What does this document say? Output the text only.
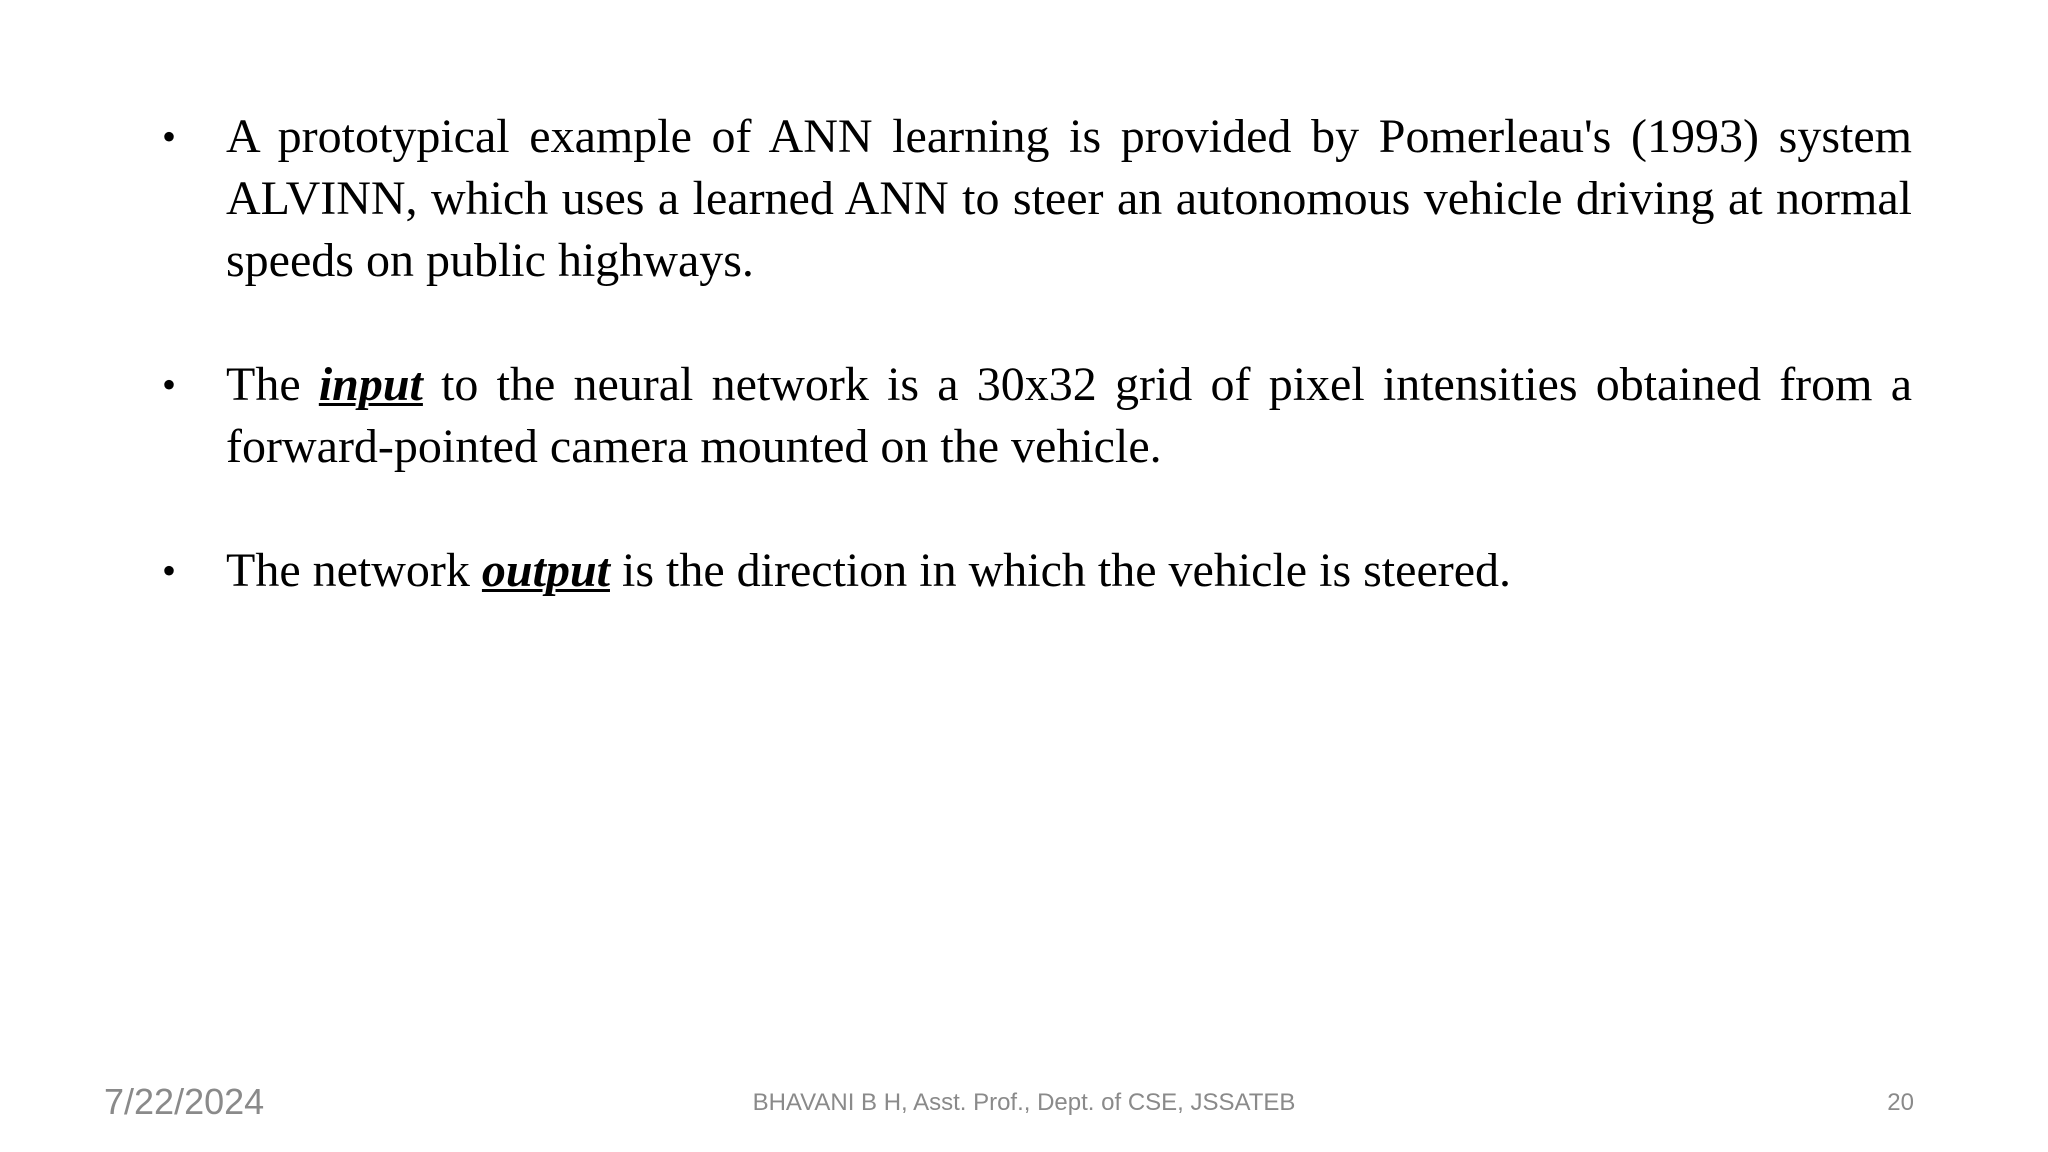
• A prototypical example of ANN learning is provided by Pomerleau's (1993) system ALVINN, which uses a learned ANN to steer an autonomous vehicle driving at normal speeds on public highways.
• The input to the neural network is a 30x32 grid of pixel intensities obtained from a forward-pointed camera mounted on the vehicle.
• The network output is the direction in which the vehicle is steered.
7/22/2024	BHAVANI B H, Asst. Prof., Dept. of CSE, JSSATEB	20
